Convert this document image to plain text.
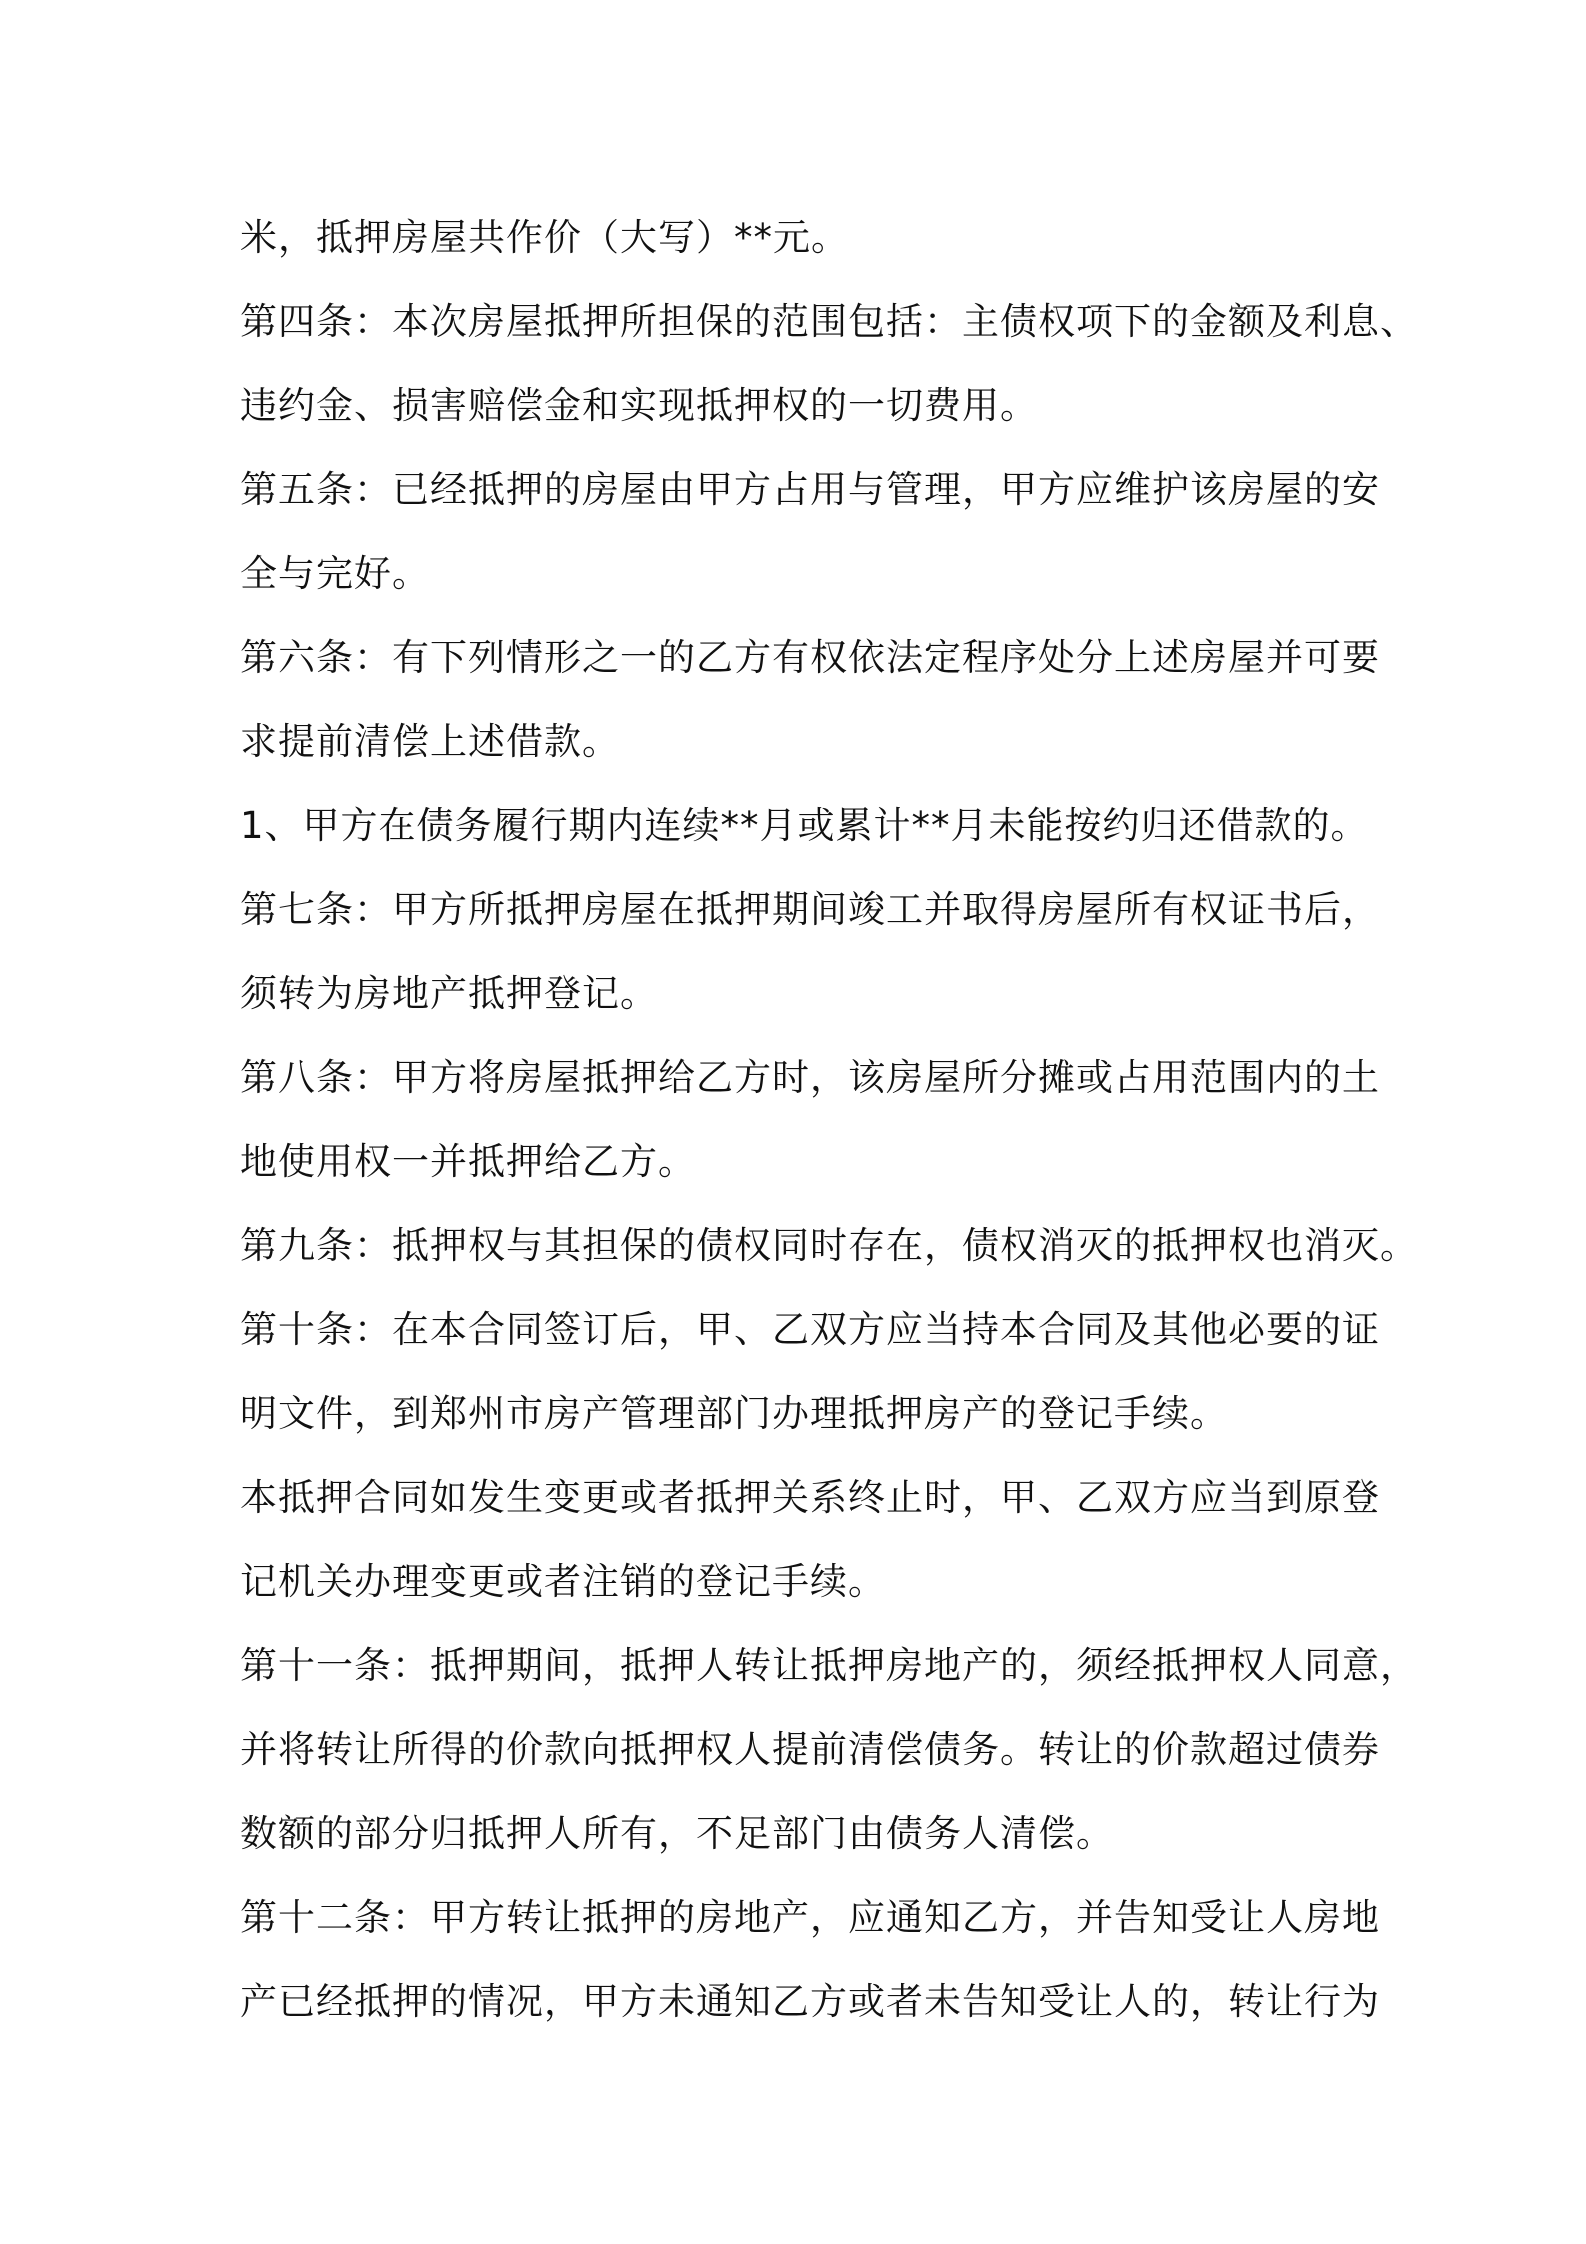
米，抵押房屋共作价（大写）**元。
第四条：本次房屋抵押所担保的范围包括：主债权项下的金额及利息、
违约金、损害赔偿金和实现抵押权的一切费用。
第五条：已经抵押的房屋由甲方占用与管理，甲方应维护该房屋的安
全与完好。
第六条：有下列情形之一的乙方有权依法定程序处分上述房屋并可要
求提前清偿上述借款。
1、甲方在债务履行期内连续**月或累计**月未能按约归还借款的。
第七条：甲方所抵押房屋在抵押期间竣工并取得房屋所有权证书后，
须转为房地产抵押登记。
第八条：甲方将房屋抵押给乙方时，该房屋所分摊或占用范围内的土
地使用权一并抵押给乙方。
第九条：抵押权与其担保的债权同时存在，债权消灭的抵押权也消灭。
第十条：在本合同签订后，甲、乙双方应当持本合同及其他必要的证
明文件，到郑州市房产管理部门办理抵押房产的登记手续。
本抵押合同如发生变更或者抵押关系终止时，甲、乙双方应当到原登
记机关办理变更或者注销的登记手续。
第十一条：抵押期间，抵押人转让抵押房地产的，须经抵押权人同意，
并将转让所得的价款向抵押权人提前清偿债务。转让的价款超过债券
数额的部分归抵押人所有，不足部门由债务人清偿。
第十二条：甲方转让抵押的房地产，应通知乙方，并告知受让人房地
产已经抵押的情况，甲方未通知乙方或者未告知受让人的，转让行为
